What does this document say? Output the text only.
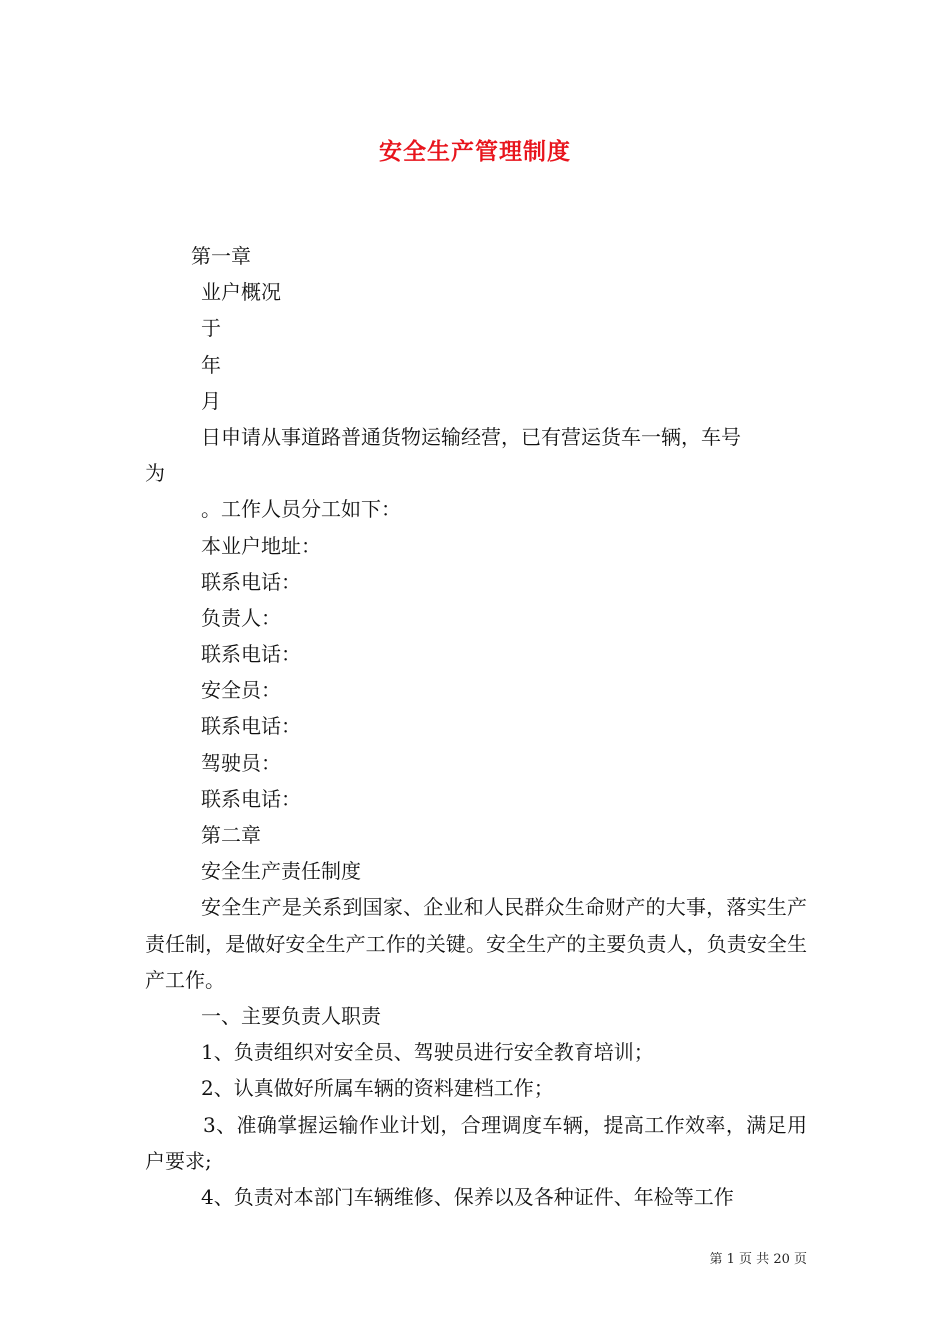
安全生产管理制度
第一章
业户概况
于
年
月
日申请从事道路普通货物运输经营，已有营运货车一辆，车号
为
。工作人员分工如下：
本业户地址：
联系电话：
负责人：
联系电话：
安全员：
联系电话：
驾驶员：
联系电话：
第二章
安全生产责任制度
安全生产是关系到国家、企业和人民群众生命财产的大事，落实生产责任制，是做好安全生产工作的关键。安全生产的主要负责人，负责安全生产工作。
一、主要负责人职责
1、负责组织对安全员、驾驶员进行安全教育培训；
2、认真做好所属车辆的资料建档工作；
3、准确掌握运输作业计划，合理调度车辆，提高工作效率，满足用户要求;
4、负责对本部门车辆维修、保养以及各种证件、年检等工作
第 1 页 共 20 页
